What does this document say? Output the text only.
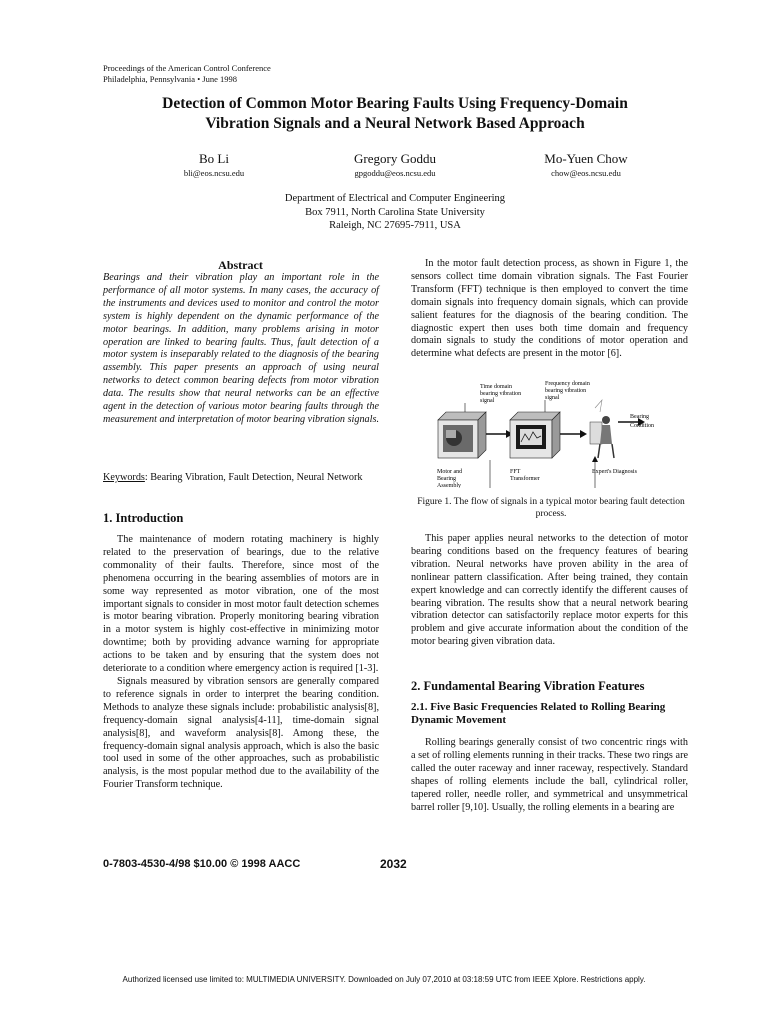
Proceedings of the American Control Conference
Philadelphia, Pennsylvania • June 1998
Detection of Common Motor Bearing Faults Using Frequency-Domain
Vibration Signals and a Neural Network Based Approach
Bo Li
bli@eos.ncsu.edu
Gregory Goddu
gpgoddu@eos.ncsu.edu
Mo-Yuen Chow
chow@eos.ncsu.edu
Department of Electrical and Computer Engineering
Box 7911, North Carolina State University
Raleigh, NC 27695-7911, USA
Abstract
Bearings and their vibration play an important role in the performance of all motor systems. In many cases, the accuracy of the instruments and devices used to monitor and control the motor system is highly dependent on the dynamic performance of the motor bearings. In addition, many problems arising in motor operation are linked to bearing faults. Thus, fault detection of a motor system is inseparably related to the diagnosis of the bearing assembly. This paper presents an approach of using neural networks to detect common bearing defects from motor vibration data. The results show that neural networks can be an effective agent in the detection of various motor bearing faults through the measurement and interpretation of motor bearing vibration signals.
Keywords: Bearing Vibration, Fault Detection, Neural Network
1. Introduction

The maintenance of modern rotating machinery is highly related to the preservation of bearings, due to the relative commonality of their faults. Therefore, since most of the phenomena occurring in the bearing assemblies of motors are in some way represented as motor vibration, one of the most important signals to consider in most motor fault detection schemes is motor bearing vibration. Properly monitoring bearing vibration in a motor system is highly cost-effective in minimizing motor downtime; both by providing advance warning for appropriate actions to be taken and by ensuring that the system does not deteriorate to a condition where emergency action is required [1-3].

Signals measured by vibration sensors are generally compared to reference signals in order to interpret the bearing condition. Methods to analyze these signals include: probabilistic analysis[8], frequency-domain signal analysis[4-11], time-domain signal analysis[8], and waveform analysis[8]. Among these, the frequency-domain signal analysis approach, which is also the basic tool used in some of the other approaches, such as probabilistic analysis, is the most popular method due to the availability of the Fourier Transform technique.

In the motor fault detection process, as shown in Figure 1, the sensors collect time domain vibration signals. The Fast Fourier Transform (FFT) technique is then employed to convert the time domain signals into frequency domain signals, which can provide salient features for the diagnosis of the bearing condition. The diagnostic expert then uses both time domain and frequency domain signals to study the conditions of motor operation and determine what defects are present in the motor [6].

Time domain
bearing vibration
signal
Frequency domain
bearing vibration
signal
Bearing
Condition
Motor and
Bearing
Assembly
FFT
Transformer
Expert's Diagnosis
Figure 1. The flow of signals in a typical motor bearing fault detection process.

This paper applies neural networks to the detection of motor bearing conditions based on the frequency features of bearing vibration. Neural networks have proven ability in the area of nonlinear pattern classification. After being trained, they contain expert knowledge and can correctly identify the different causes of bearing vibration. The results show that a neural network bearing vibration detector can satisfactorily replace motor experts for this problem and give accurate information about the condition of the motor bearing given vibration data.

2. Fundamental Bearing Vibration Features
2.1. Five Basic Frequencies Related to Rolling Bearing Dynamic Movement

Rolling bearings generally consist of two concentric rings with a set of rolling elements running in their tracks. These two rings are called the outer raceway and inner raceway, respectively. Standard shapes of rolling elements include the ball, cylindrical roller, tapered roller, needle roller, and symmetrical and unsymmetrical barrel roller [9,10]. Usually, the rolling elements in a bearing are

0-7803-4530-4/98 $10.00 © 1998 AACC	2032
Authorized licensed use limited to: MULTIMEDIA UNIVERSITY. Downloaded on July 07,2010 at 03:18:59 UTC from IEEE Xplore. Restrictions apply.
